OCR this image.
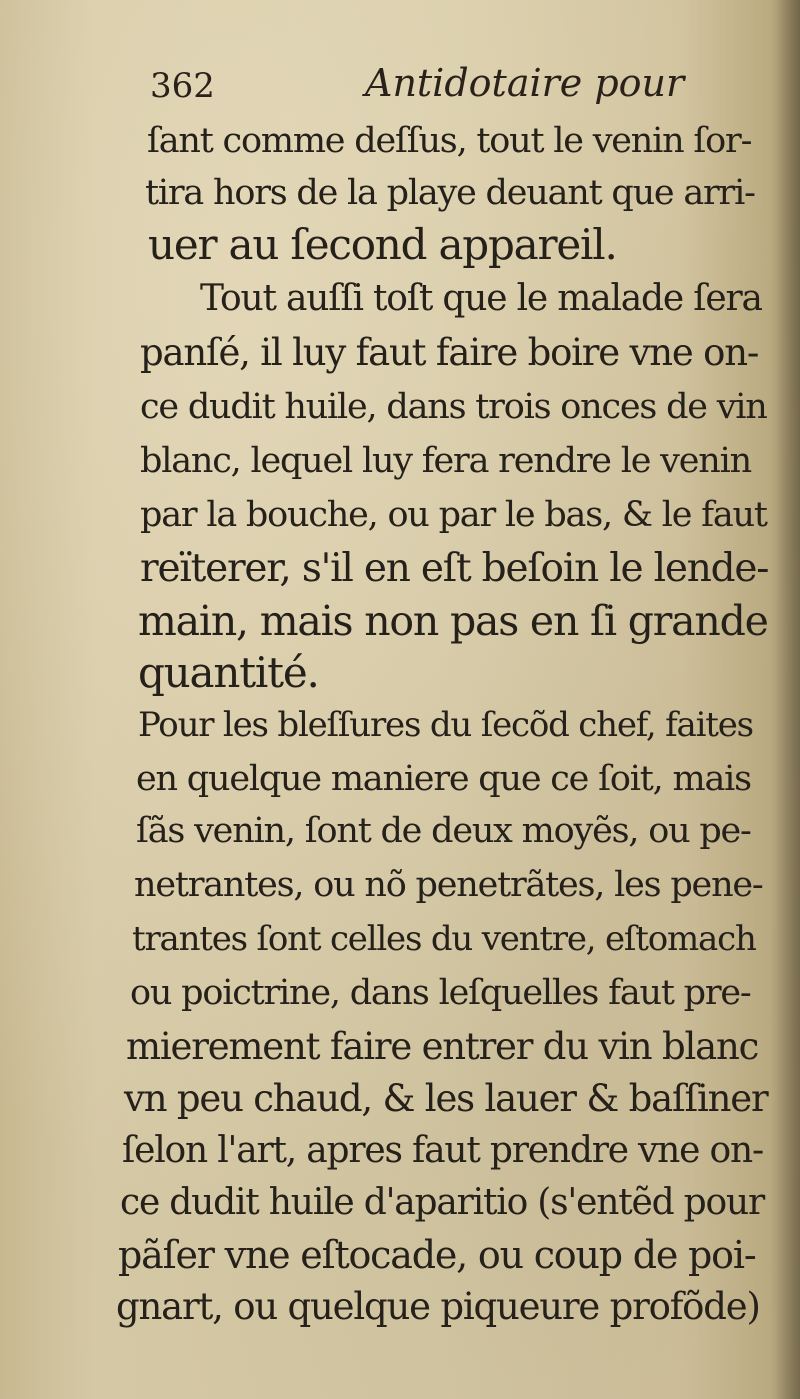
362	Antidotaire pour
ſant comme deſſus, tout le venin ſor-
tira hors de la playe deuant que arri-
uer au ſecond appareil.
Tout auſſi toſt que le malade ſera
panſé, il luy faut faire boire vne on-
ce dudit huile, dans trois onces de vin
blanc, lequel luy fera rendre le venin
par la bouche, ou par le bas, & le faut
reïterer, s'il en eſt beſoin le lende-
main, mais non pas en ſi grande
quantité.
Pour les bleſſures du ſecõd chef, faites
en quelque maniere que ce ſoit, mais
ſãs venin, ſont de deux moyẽs, ou pe-
netrantes, ou nõ penetrãtes, les pene-
trantes ſont celles du ventre, eſtomach
ou poictrine, dans leſquelles faut pre-
mierement faire entrer du vin blanc
vn peu chaud, & les lauer & baſſiner
ſelon l'art, apres faut prendre vne on-
ce dudit huile d'aparitio (s'entẽd pour
pãſer vne eſtocade, ou coup de poi-
gnart, ou quelque piqueure profõde)
